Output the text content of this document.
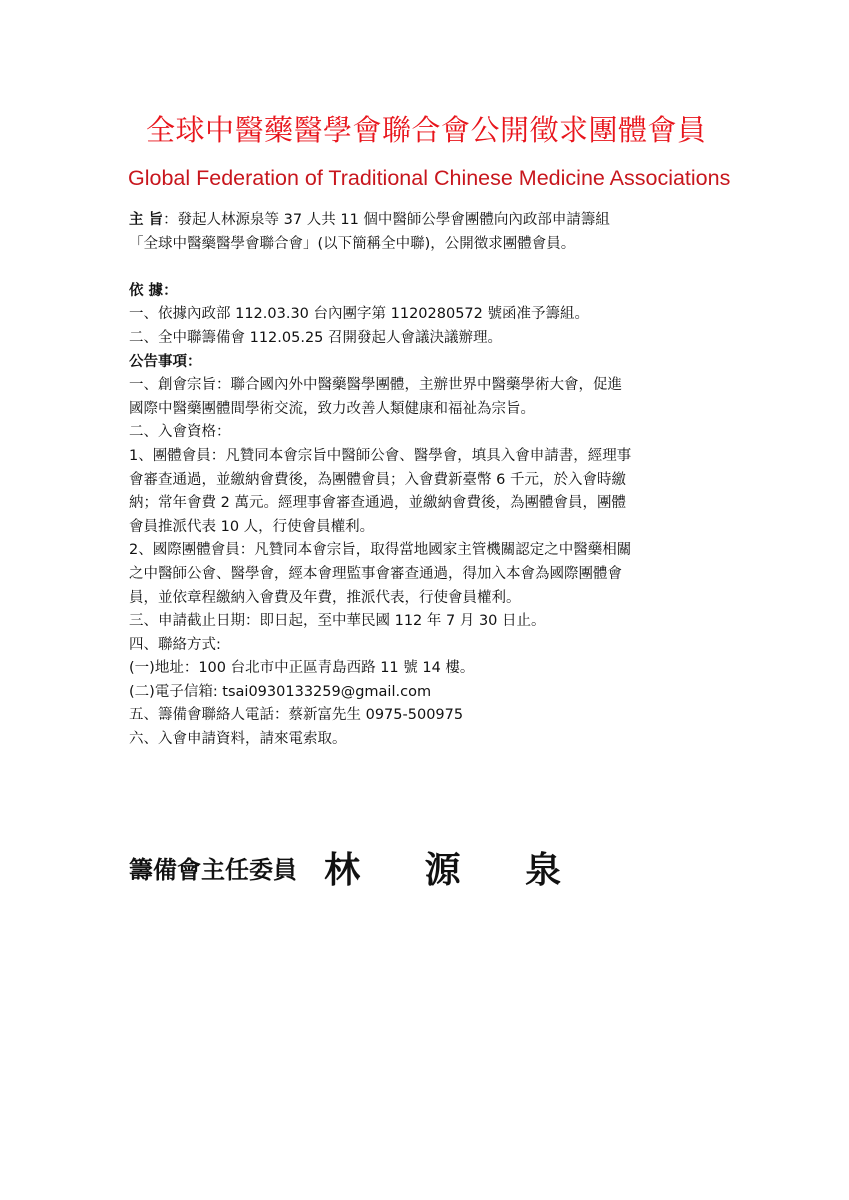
全球中醫藥醫學會聯合會公開徵求團體會員
Global Federation of Traditional Chinese Medicine Associations
主 旨：發起人林源泉等 37 人共 11 個中醫師公學會團體向內政部申請籌組
「全球中醫藥醫學會聯合會」(以下簡稱全中聯)，公開徵求團體會員。
依 據：
一、依據內政部 112.03.30 台內團字第 1120280572 號函准予籌組。
二、全中聯籌備會 112.05.25 召開發起人會議決議辦理。
公告事項：
一、創會宗旨：聯合國內外中醫藥醫學團體，主辦世界中醫藥學術大會，促進
國際中醫藥團體間學術交流，致力改善人類健康和福祉為宗旨。
二、入會資格：
1、團體會員：凡贊同本會宗旨中醫師公會、醫學會，填具入會申請書，經理事
會審查通過，並繳納會費後，為團體會員；入會費新臺幣 6 千元，於入會時繳
納；常年會費 2 萬元。經理事會審查通過，並繳納會費後，為團體會員，團體
會員推派代表 10 人，行使會員權利。
2、國際團體會員：凡贊同本會宗旨，取得當地國家主管機關認定之中醫藥相關
之中醫師公會、醫學會，經本會理監事會審查通過，得加入本會為國際團體會
員，並依章程繳納入會費及年費，推派代表，行使會員權利。
三、申請截止日期：即日起，至中華民國 112 年 7 月 30 日止。
四、聯絡方式:
(一)地址：100 台北市中正區青島西路 11 號 14 樓。
(二)電子信箱: tsai0930133259@gmail.com
五、籌備會聯絡人電話：蔡新富先生 0975-500975
六、入會申請資料，請來電索取。
籌備會主任委員 林 源 泉
